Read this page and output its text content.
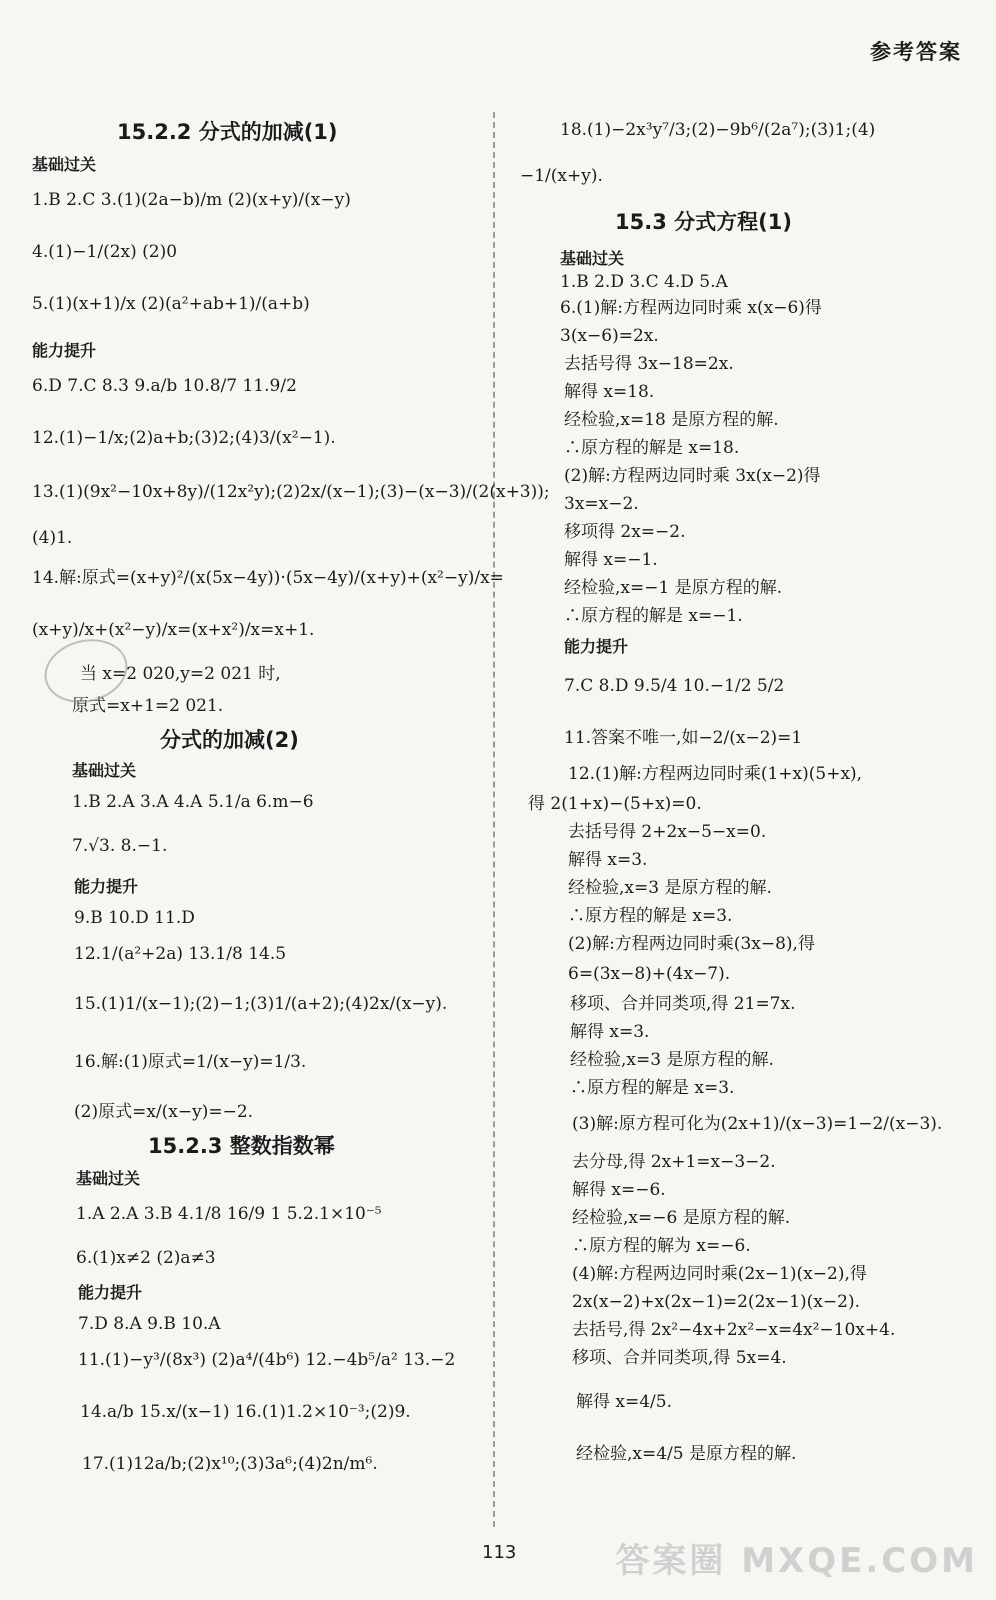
参考答案
15.2.2 分式的加减(1)
基础过关
1.B 2.C 3.(1)(2a−b)/m (2)(x+y)/(x−y)
4.(1)−1/(2x) (2)0
5.(1)(x+1)/x (2)(a²+ab+1)/(a+b)
能力提升
6.D 7.C 8.3 9.a/b 10.8/7 11.9/2
12.(1)−1/x;(2)a+b;(3)2;(4)3/(x²−1).
13.(1)(9x²−10x+8y)/(12x²y);(2)2x/(x−1);(3)−(x−3)/(2(x+3));
(4)1.
14.解:原式=(x+y)²/(x(5x−4y))·(5x−4y)/(x+y)+(x²−y)/x=
(x+y)/x+(x²−y)/x=(x+x²)/x=x+1.
当 x=2 020,y=2 021 时,
原式=x+1=2 021.
分式的加减(2)
基础过关
1.B 2.A 3.A 4.A 5.1/a 6.m−6
7.√3. 8.−1.
能力提升
9.B 10.D 11.D
12.1/(a²+2a) 13.1/8 14.5
15.(1)1/(x−1);(2)−1;(3)1/(a+2);(4)2x/(x−y).
16.解:(1)原式=1/(x−y)=1/3.
(2)原式=x/(x−y)=−2.
15.2.3 整数指数幂
基础过关
1.A 2.A 3.B 4.1/8 16/9 1 5.2.1×10⁻⁵
6.(1)x≠2 (2)a≠3
能力提升
7.D 8.A 9.B 10.A
11.(1)−y³/(8x³) (2)a⁴/(4b⁶) 12.−4b⁵/a² 13.−2
14.a/b 15.x/(x−1) 16.(1)1.2×10⁻³;(2)9.
17.(1)12a/b;(2)x¹⁰;(3)3a⁶;(4)2n/m⁶.
18.(1)−2x³y⁷/3;(2)−9b⁶/(2a⁷);(3)1;(4)
−1/(x+y).
15.3 分式方程(1)
基础过关
1.B 2.D 3.C 4.D 5.A
6.(1)解:方程两边同时乘 x(x−6)得
3(x−6)=2x.
去括号得 3x−18=2x.
解得 x=18.
经检验,x=18 是原方程的解.
∴原方程的解是 x=18.
(2)解:方程两边同时乘 3x(x−2)得
3x=x−2.
移项得 2x=−2.
解得 x=−1.
经检验,x=−1 是原方程的解.
∴原方程的解是 x=−1.
能力提升
7.C 8.D 9.5/4 10.−1/2 5/2
11.答案不唯一,如−2/(x−2)=1
12.(1)解:方程两边同时乘(1+x)(5+x),
得 2(1+x)−(5+x)=0.
去括号得 2+2x−5−x=0.
解得 x=3.
经检验,x=3 是原方程的解.
∴原方程的解是 x=3.
(2)解:方程两边同时乘(3x−8),得
6=(3x−8)+(4x−7).
移项、合并同类项,得 21=7x.
解得 x=3.
经检验,x=3 是原方程的解.
∴原方程的解是 x=3.
(3)解:原方程可化为(2x+1)/(x−3)=1−2/(x−3).
去分母,得 2x+1=x−3−2.
解得 x=−6.
经检验,x=−6 是原方程的解.
∴原方程的解为 x=−6.
(4)解:方程两边同时乘(2x−1)(x−2),得
2x(x−2)+x(2x−1)=2(2x−1)(x−2).
去括号,得 2x²−4x+2x²−x=4x²−10x+4.
移项、合并同类项,得 5x=4.
解得 x=4/5.
经检验,x=4/5 是原方程的解.
答案圈 MXQE.COM
113
